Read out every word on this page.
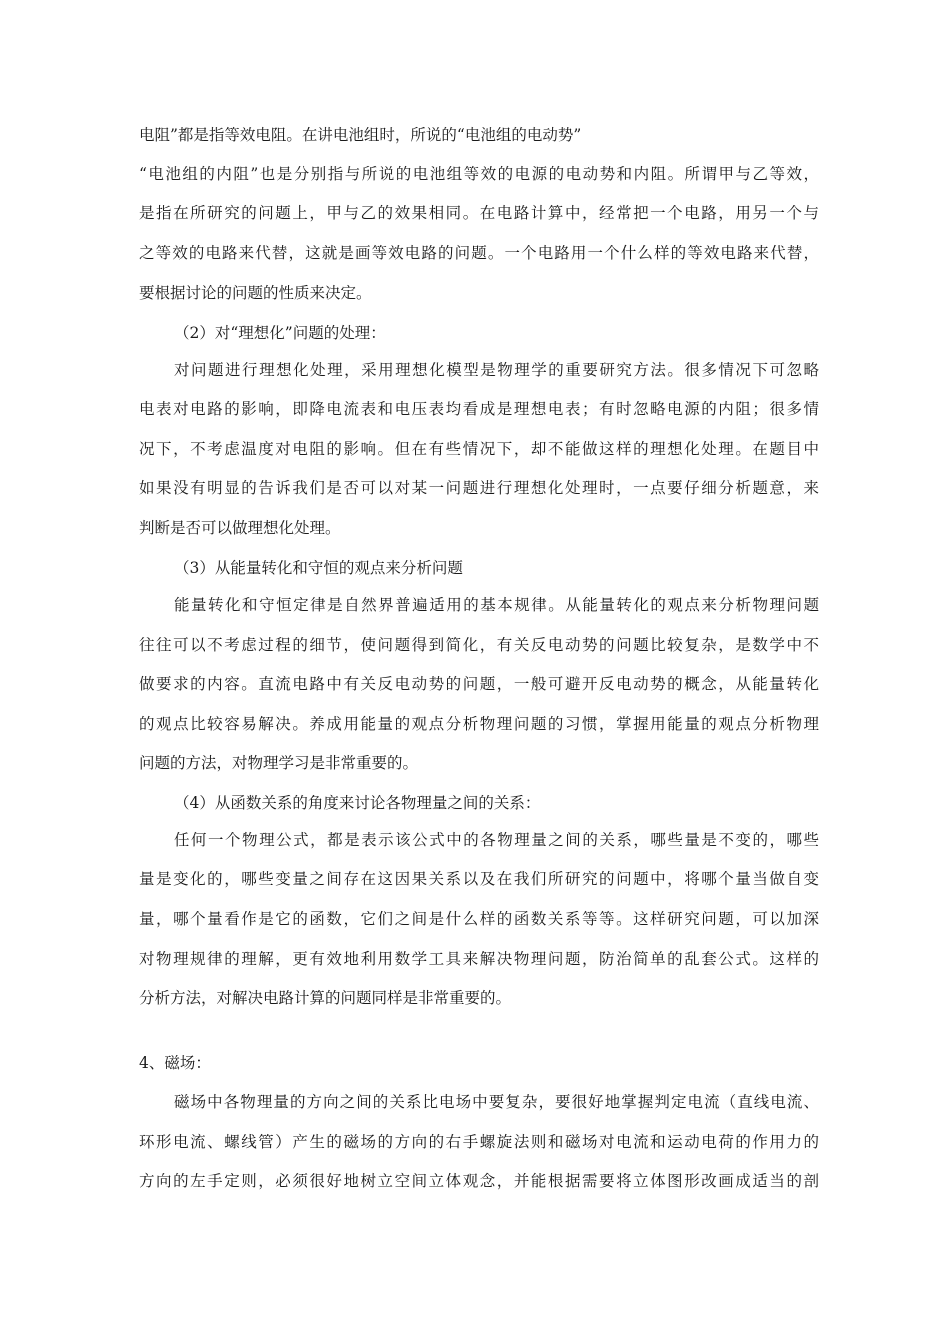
电阻”都是指等效电阻。在讲电池组时，所说的“电池组的电动势”
“电池组的内阻”也是分别指与所说的电池组等效的电源的电动势和内阻。所谓甲与乙等效，
是指在所研究的问题上，甲与乙的效果相同。在电路计算中，经常把一个电路，用另一个与
之等效的电路来代替，这就是画等效电路的问题。一个电路用一个什么样的等效电路来代替，
要根据讨论的问题的性质来决定。
（2）对“理想化”问题的处理：
对问题进行理想化处理，采用理想化模型是物理学的重要研究方法。很多情况下可忽略
电表对电路的影响，即降电流表和电压表均看成是理想电表；有时忽略电源的内阻；很多情
况下，不考虑温度对电阻的影响。但在有些情况下，却不能做这样的理想化处理。在题目中
如果没有明显的告诉我们是否可以对某一问题进行理想化处理时，一点要仔细分析题意，来
判断是否可以做理想化处理。
（3）从能量转化和守恒的观点来分析问题
能量转化和守恒定律是自然界普遍适用的基本规律。从能量转化的观点来分析物理问题
往往可以不考虑过程的细节，使问题得到简化，有关反电动势的问题比较复杂，是数学中不
做要求的内容。直流电路中有关反电动势的问题，一般可避开反电动势的概念，从能量转化
的观点比较容易解决。养成用能量的观点分析物理问题的习惯，掌握用能量的观点分析物理
问题的方法，对物理学习是非常重要的。
（4）从函数关系的角度来讨论各物理量之间的关系：
任何一个物理公式，都是表示该公式中的各物理量之间的关系，哪些量是不变的，哪些
量是变化的，哪些变量之间存在这因果关系以及在我们所研究的问题中，将哪个量当做自变
量，哪个量看作是它的函数，它们之间是什么样的函数关系等等。这样研究问题，可以加深
对物理规律的理解，更有效地利用数学工具来解决物理问题，防治简单的乱套公式。这样的
分析方法，对解决电路计算的问题同样是非常重要的。
4、磁场：
磁场中各物理量的方向之间的关系比电场中要复杂，要很好地掌握判定电流（直线电流、
环形电流、螺线管）产生的磁场的方向的右手螺旋法则和磁场对电流和运动电荷的作用力的
方向的左手定则，必须很好地树立空间立体观念，并能根据需要将立体图形改画成适当的剖
